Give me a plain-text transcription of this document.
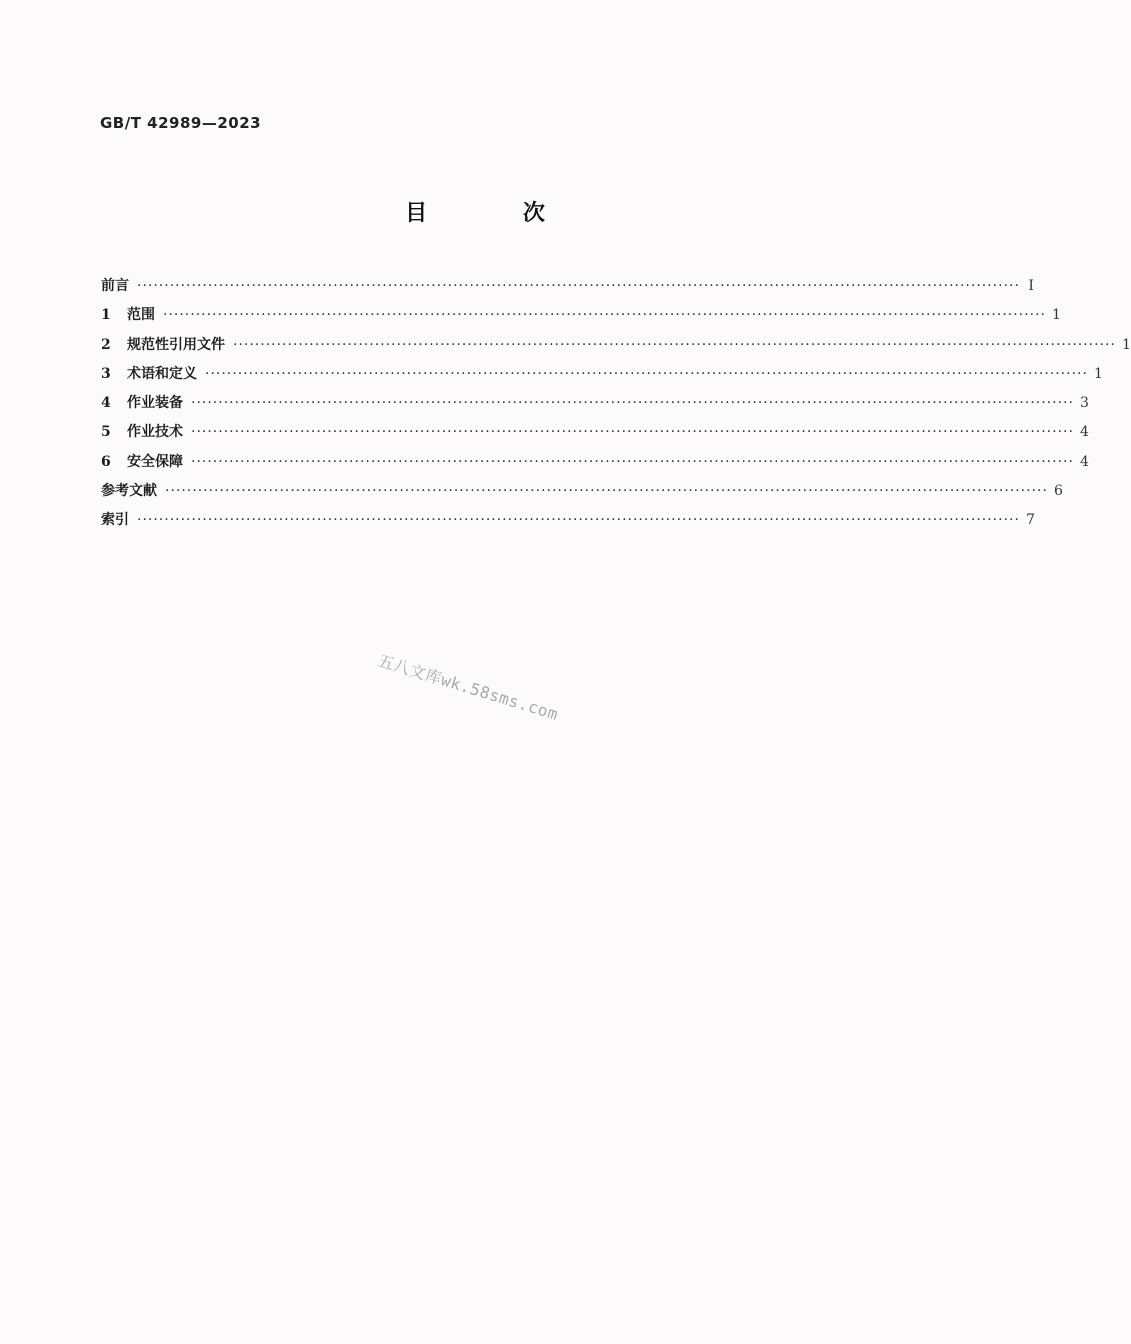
GB/T 42989—2023
目 次
前言 ·································································································································································· Ⅰ
1	范围 ·································································································································································· 1
2	规范性引用文件 ·································································································································································· 1
3	术语和定义 ·································································································································································· 1
4	作业装备 ·································································································································································· 3
5	作业技术 ·································································································································································· 4
6	安全保障 ·································································································································································· 4
参考文献 ·································································································································································· 6
索引 ·································································································································································· 7
五八文库wk.58sms.com
